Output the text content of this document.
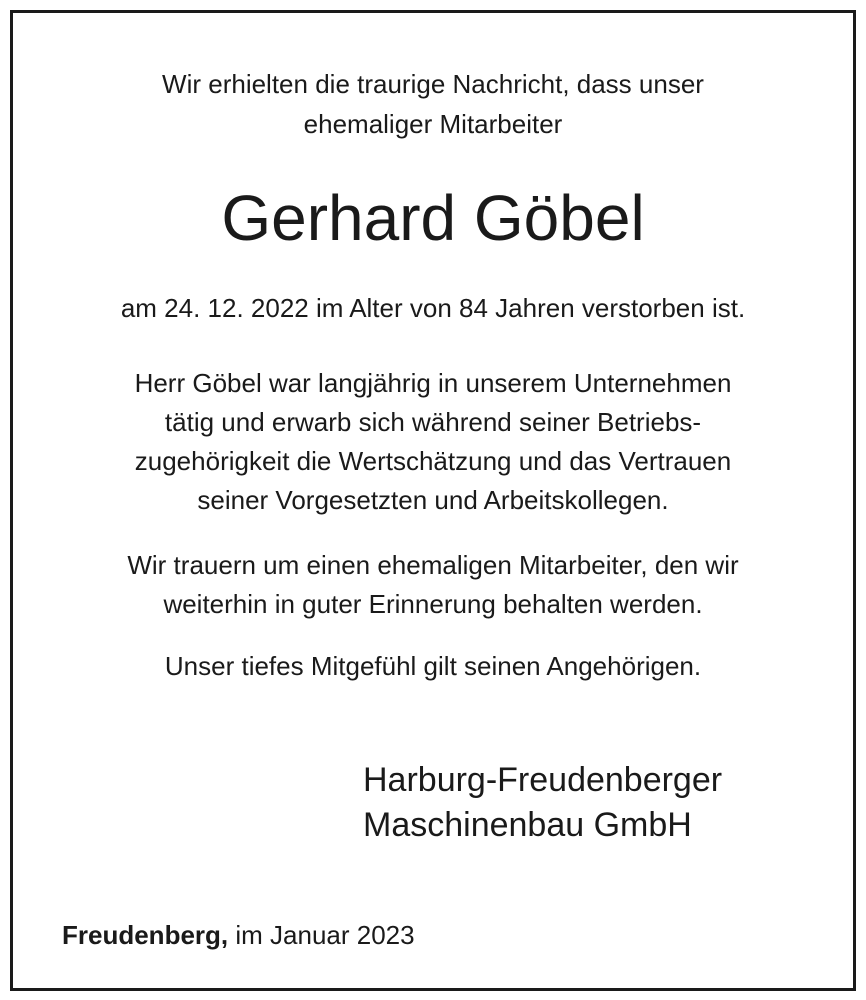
Wir erhielten die traurige Nachricht, dass unser

ehemaliger Mitarbeiter

Gerhard Göbel

am 24. 12. 2022 im Alter von 84 Jahren verstorben ist.

Herr Göbel war langjährig in unserem Unternehmen
tätig und erwarb sich während seiner Betriebs-
zugehörigkeit die Wertschätzung und das Vertrauen
seiner Vorgesetzten und Arbeitskollegen.

Wir trauern um einen ehemaligen Mitarbeiter, den wir
weiterhin in guter Erinnerung behalten werden.

Unser tiefes Mitgefühl gilt seinen Angehörigen.

Harburg-Freudenberger
Maschinenbau GmbH

Freudenberg, im Januar 2023
